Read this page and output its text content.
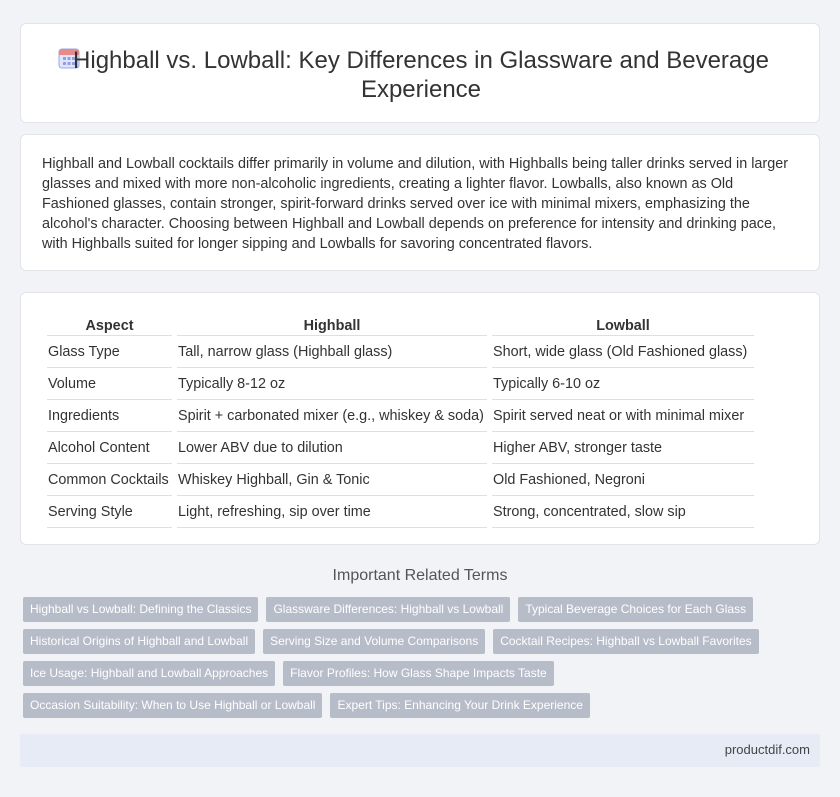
Highball vs. Lowball: Key Differences in Glassware and Beverage Experience

Highball and Lowball cocktails differ primarily in volume and dilution, with Highballs being taller drinks served in larger glasses and mixed with more non-alcoholic ingredients, creating a lighter flavor. Lowballs, also known as Old Fashioned glasses, contain stronger, spirit-forward drinks served over ice with minimal mixers, emphasizing the alcohol's character. Choosing between Highball and Lowball depends on preference for intensity and drinking pace, with Highballs suited for longer sipping and Lowballs for savoring concentrated flavors.

Aspect	Highball	Lowball
Glass Type	Tall, narrow glass (Highball glass)	Short, wide glass (Old Fashioned glass)
Volume	Typically 8-12 oz	Typically 6-10 oz
Ingredients	Spirit + carbonated mixer (e.g., whiskey & soda)	Spirit served neat or with minimal mixer
Alcohol Content	Lower ABV due to dilution	Higher ABV, stronger taste
Common Cocktails	Whiskey Highball, Gin & Tonic	Old Fashioned, Negroni
Serving Style	Light, refreshing, sip over time	Strong, concentrated, slow sip
Important Related Terms
Highball vs Lowball: Defining the Classics	Glassware Differences: Highball vs Lowball	Typical Beverage Choices for Each Glass
Historical Origins of Highball and Lowball	Serving Size and Volume Comparisons	Cocktail Recipes: Highball vs Lowball Favorites
Ice Usage: Highball and Lowball Approaches	Flavor Profiles: How Glass Shape Impacts Taste
Occasion Suitability: When to Use Highball or Lowball	Expert Tips: Enhancing Your Drink Experience
productdif.com
